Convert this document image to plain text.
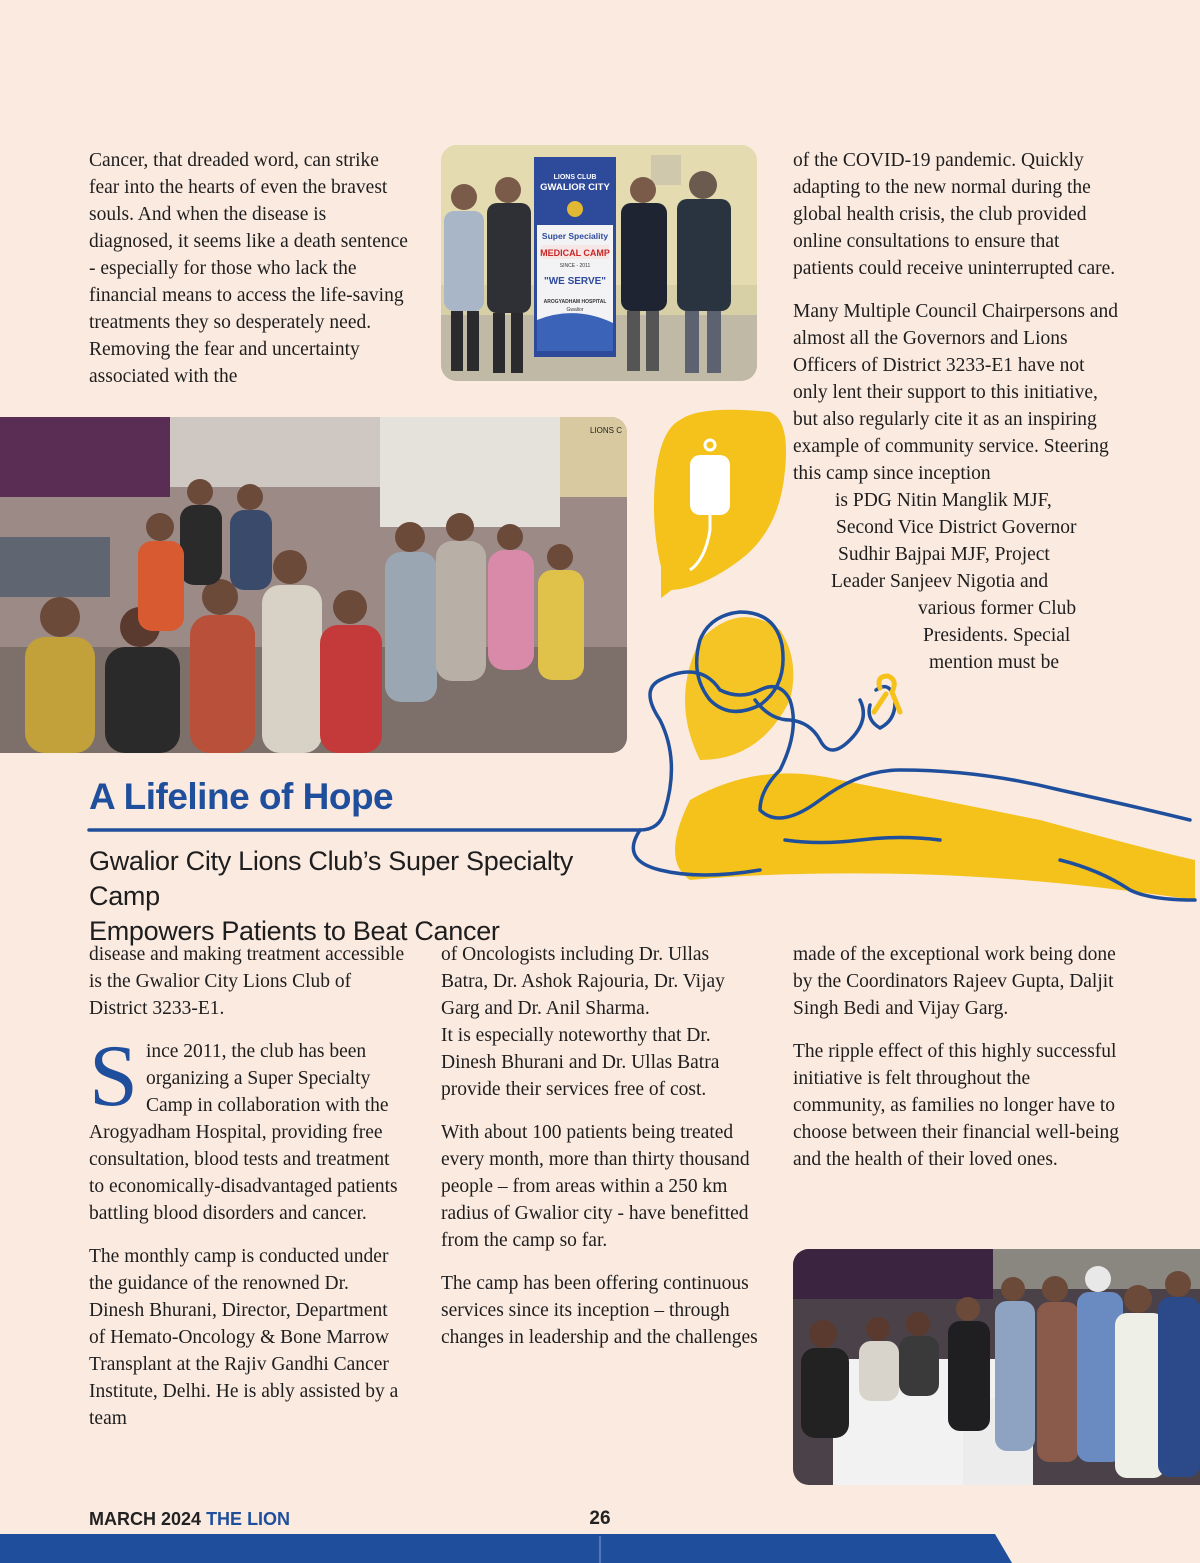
LIONS CLUB
GWALIOR CITY
Super Speciality
MEDICAL CAMP
SINCE - 2011
"WE SERVE"
AROGYADHAM HOSPITAL
Gwalior
LIONS C

Cancer, that dreaded word, can strike fear into the hearts of even the bravest souls. And when the disease is diagnosed, it seems like a death sentence - especially for those who lack the financial means to access the life-saving treatments they so desperately need. Removing the fear and uncertainty associated with the

of the COVID-19 pandemic. Quickly adapting to the new normal during the global health crisis, the club provided online consultations to ensure that patients could receive uninterrupted care.

Many Multiple Council Chairpersons and almost all the Governors and Lions Officers of District 3233-E1 have not only lent their support to this initiative, but also regularly cite it as an inspiring example of community service. Steering this camp since inception

is PDG Nitin Manglik MJF,
Second Vice District Governor
Sudhir Bajpai MJF, Project
Leader Sanjeev Nigotia and
various former Club
Presidents. Special
mention must be
A Lifeline of Hope
Gwalior City Lions Club’s Super Specialty Camp
Empowers Patients to Beat Cancer

disease and making treatment accessible is the Gwalior City Lions Club of District 3233-E1.

Since 2011, the club has been organizing a Super Specialty Camp in collaboration with the Arogyadham Hospital, providing free consultation, blood tests and treatment to economically-disadvantaged patients battling blood disorders and cancer.

The monthly camp is conducted under the guidance of the renowned Dr. Dinesh Bhurani, Director, Department of Hemato-Oncology & Bone Marrow Transplant at the Rajiv Gandhi Cancer Institute, Delhi. He is ably assisted by a team

of Oncologists including Dr. Ullas Batra, Dr. Ashok Rajouria, Dr. Vijay Garg and Dr. Anil Sharma.

It is especially noteworthy that Dr. Dinesh Bhurani and Dr. Ullas Batra provide their services free of cost.

With about 100 patients being treated every month, more than thirty thousand people – from areas within a 250 km radius of Gwalior city - have benefitted from the camp so far.

The camp has been offering continuous services since its inception – through changes in leadership and the challenges

made of the exceptional work being done by the Coordinators Rajeev Gupta, Daljit Singh Bedi and Vijay Garg.

The ripple effect of this highly successful initiative is felt throughout the community, as families no longer have to choose between their financial well-being and the health of their loved ones.

MARCH 2024 THE LION	26
